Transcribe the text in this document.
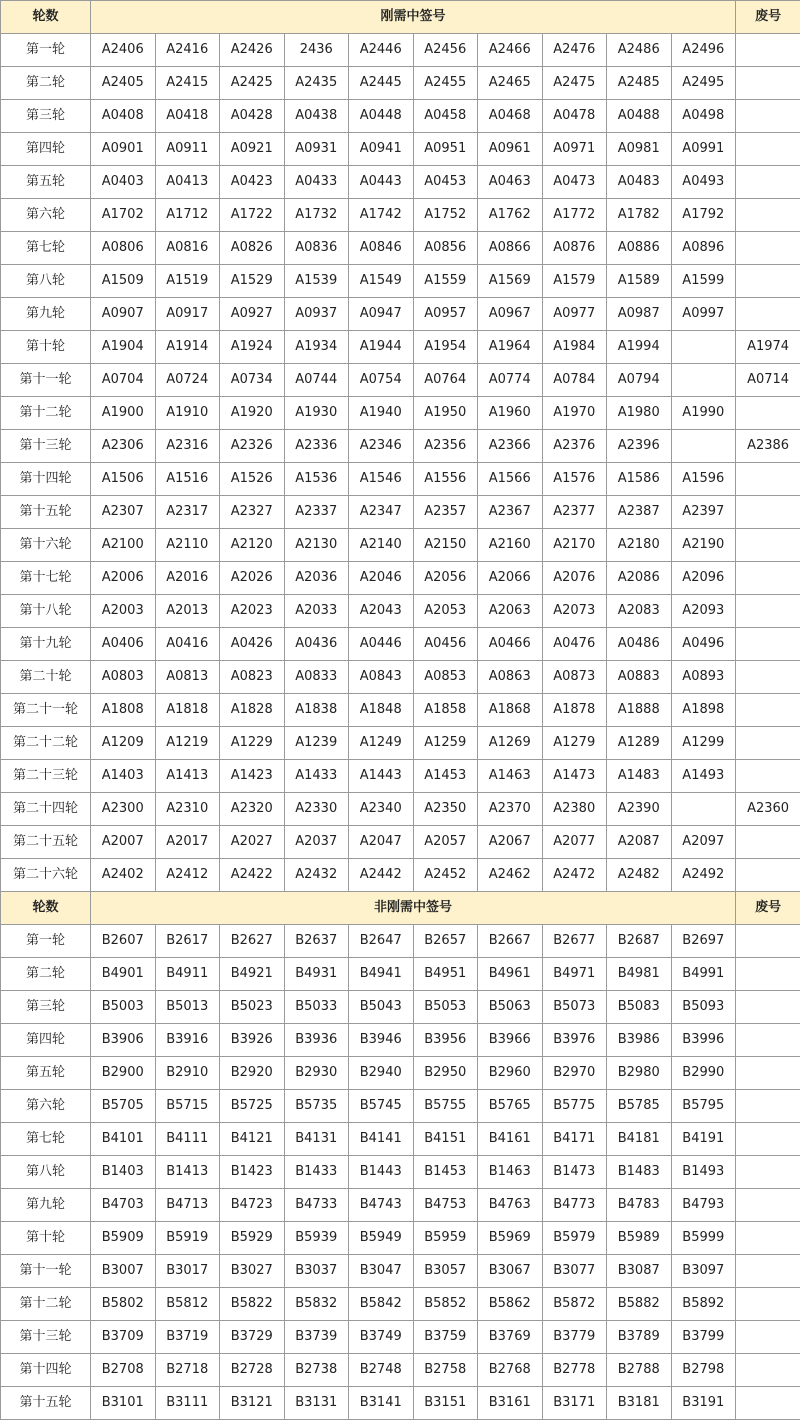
轮数	刚需中签号										废号
第一轮	A2406	A2416	A2426	2436	A2446	A2456	A2466	A2476	A2486	A2496	
第二轮	A2405	A2415	A2425	A2435	A2445	A2455	A2465	A2475	A2485	A2495	
第三轮	A0408	A0418	A0428	A0438	A0448	A0458	A0468	A0478	A0488	A0498	
第四轮	A0901	A0911	A0921	A0931	A0941	A0951	A0961	A0971	A0981	A0991	
第五轮	A0403	A0413	A0423	A0433	A0443	A0453	A0463	A0473	A0483	A0493	
第六轮	A1702	A1712	A1722	A1732	A1742	A1752	A1762	A1772	A1782	A1792	
第七轮	A0806	A0816	A0826	A0836	A0846	A0856	A0866	A0876	A0886	A0896	
第八轮	A1509	A1519	A1529	A1539	A1549	A1559	A1569	A1579	A1589	A1599	
第九轮	A0907	A0917	A0927	A0937	A0947	A0957	A0967	A0977	A0987	A0997	
第十轮	A1904	A1914	A1924	A1934	A1944	A1954	A1964	A1984	A1994		A1974
第十一轮	A0704	A0724	A0734	A0744	A0754	A0764	A0774	A0784	A0794		A0714
第十二轮	A1900	A1910	A1920	A1930	A1940	A1950	A1960	A1970	A1980	A1990	
第十三轮	A2306	A2316	A2326	A2336	A2346	A2356	A2366	A2376	A2396		A2386
第十四轮	A1506	A1516	A1526	A1536	A1546	A1556	A1566	A1576	A1586	A1596	
第十五轮	A2307	A2317	A2327	A2337	A2347	A2357	A2367	A2377	A2387	A2397	
第十六轮	A2100	A2110	A2120	A2130	A2140	A2150	A2160	A2170	A2180	A2190	
第十七轮	A2006	A2016	A2026	A2036	A2046	A2056	A2066	A2076	A2086	A2096	
第十八轮	A2003	A2013	A2023	A2033	A2043	A2053	A2063	A2073	A2083	A2093	
第十九轮	A0406	A0416	A0426	A0436	A0446	A0456	A0466	A0476	A0486	A0496	
第二十轮	A0803	A0813	A0823	A0833	A0843	A0853	A0863	A0873	A0883	A0893	
第二十一轮	A1808	A1818	A1828	A1838	A1848	A1858	A1868	A1878	A1888	A1898	
第二十二轮	A1209	A1219	A1229	A1239	A1249	A1259	A1269	A1279	A1289	A1299	
第二十三轮	A1403	A1413	A1423	A1433	A1443	A1453	A1463	A1473	A1483	A1493	
第二十四轮	A2300	A2310	A2320	A2330	A2340	A2350	A2370	A2380	A2390		A2360
第二十五轮	A2007	A2017	A2027	A2037	A2047	A2057	A2067	A2077	A2087	A2097	
第二十六轮	A2402	A2412	A2422	A2432	A2442	A2452	A2462	A2472	A2482	A2492	
轮数	非刚需中签号										废号
第一轮	B2607	B2617	B2627	B2637	B2647	B2657	B2667	B2677	B2687	B2697	
第二轮	B4901	B4911	B4921	B4931	B4941	B4951	B4961	B4971	B4981	B4991	
第三轮	B5003	B5013	B5023	B5033	B5043	B5053	B5063	B5073	B5083	B5093	
第四轮	B3906	B3916	B3926	B3936	B3946	B3956	B3966	B3976	B3986	B3996	
第五轮	B2900	B2910	B2920	B2930	B2940	B2950	B2960	B2970	B2980	B2990	
第六轮	B5705	B5715	B5725	B5735	B5745	B5755	B5765	B5775	B5785	B5795	
第七轮	B4101	B4111	B4121	B4131	B4141	B4151	B4161	B4171	B4181	B4191	
第八轮	B1403	B1413	B1423	B1433	B1443	B1453	B1463	B1473	B1483	B1493	
第九轮	B4703	B4713	B4723	B4733	B4743	B4753	B4763	B4773	B4783	B4793	
第十轮	B5909	B5919	B5929	B5939	B5949	B5959	B5969	B5979	B5989	B5999	
第十一轮	B3007	B3017	B3027	B3037	B3047	B3057	B3067	B3077	B3087	B3097	
第十二轮	B5802	B5812	B5822	B5832	B5842	B5852	B5862	B5872	B5882	B5892	
第十三轮	B3709	B3719	B3729	B3739	B3749	B3759	B3769	B3779	B3789	B3799	
第十四轮	B2708	B2718	B2728	B2738	B2748	B2758	B2768	B2778	B2788	B2798	
第十五轮	B3101	B3111	B3121	B3131	B3141	B3151	B3161	B3171	B3181	B3191	
